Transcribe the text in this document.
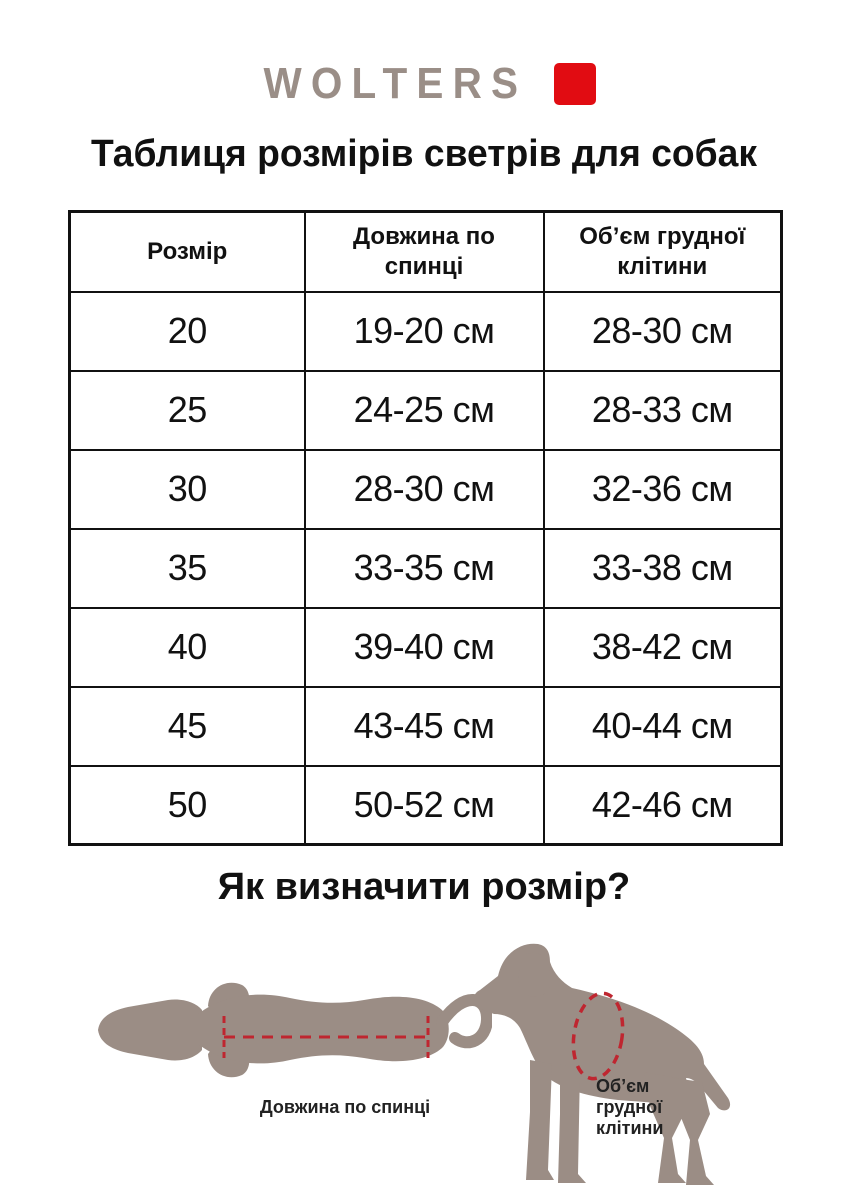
WOLTERS
Таблиця розмірів светрів для собак
Розмір	Довжина по спинці	Об’єм грудної клітини
20	19-20 см	28-30 см
25	24-25 см	28-33 см
30	28-30 см	32-36 см
35	33-35 см	33-38 см
40	39-40 см	38-42 см
45	43-45 см	40-44 см
50	50-52 см	42-46 см
Як визначити розмір?
Довжина по спинці
Об’єм
грудної
клітини
